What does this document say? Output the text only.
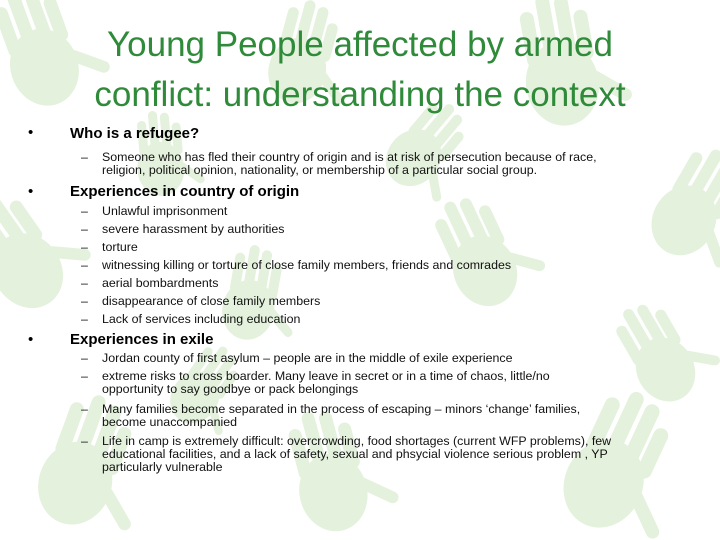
Young People affected by armed
conflict: understanding the context
• Who is a refugee?
– Someone who has fled their country of origin and is at risk of persecution because of race,
religion, political opinion, nationality, or membership of a particular social group.
• Experiences in country of origin
– Unlawful imprisonment
– severe harassment by authorities
– torture
– witnessing killing or torture of close family members, friends and comrades
– aerial bombardments
– disappearance of close family members
– Lack of services including education
• Experiences in exile
– Jordan county of first asylum – people are in the middle of exile experience
– extreme risks to cross boarder. Many leave in secret or in a time of chaos, little/no
opportunity to say goodbye or pack belongings
– Many families become separated in the process of escaping – minors ‘change’ families,
become unaccompanied
– Life in camp is extremely difficult: overcrowding, food shortages (current WFP problems), few
educational facilities, and a lack of safety, sexual and phsycial violence serious problem , YP
particularly vulnerable
